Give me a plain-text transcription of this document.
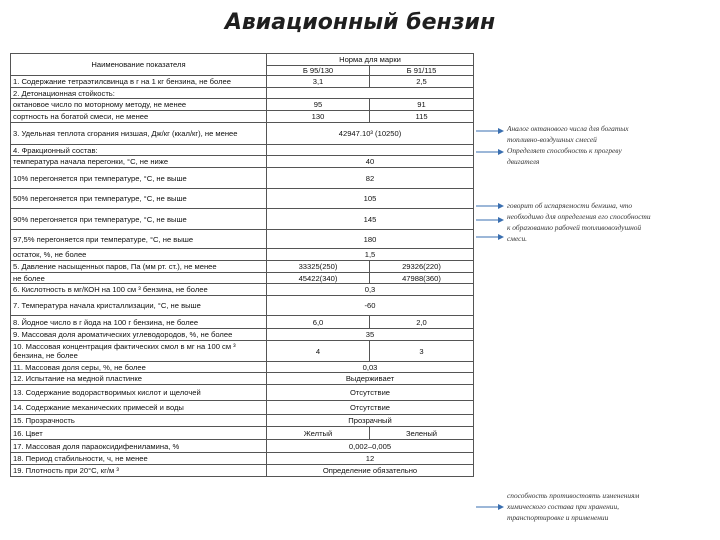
Авиационный бензин
Наименование показателя	Норма для марки	
	Б 95/130	Б 91/115
1. Содержание тетраэтилсвинца в г на 1 кг бензина, не более	3,1	2,5
2. Детонационная стойкость:		
октановое число по моторному методу, не менее	95	91
сортность на богатой смеси, не менее	130	115
3. Удельная теплота сгорания низшая, Дж/кг (ккал/кг), не менее	42947.10³ (10250)	
4. Фракционный состав:		
температура начала перегонки, °С, не ниже	40	
10% перегоняется при температуре, °С, не выше	82	
50% перегоняется при температуре, °С, не выше	105	
90% перегоняется при температуре, °С, не выше	145	
97,5% перегоняется при температуре, °С, не выше	180	
остаток, %, не более	1,5	
5. Давление насыщенных паров, Па (мм рт. ст.), не менее	33325(250)	29326(220)
не более	45422(340)	47988(360)
6. Кислотность в мг/КОН на 100 см ³ бензина, не более	0,3	
7. Температура начала кристаллизации, °С, не выше	-60	
8. Йодное число в г йода на 100 г бензина, не более	6,0	2,0
9. Массовая доля ароматических углеводородов, %, не более	35	
10. Массовая концентрация фактических смол в мг на 100 см ³ бензина, не более	4	3
11. Массовая доля серы, %, не более	0,03	
12. Испытание на медной пластинке	Выдерживает	
13. Содержание водорастворимых кислот и щелочей	Отсутствие	
14. Содержание механических примесей и воды	Отсутствие	
15. Прозрачность	Прозрачный	
16. Цвет	Желтый	Зеленый
17. Массовая доля параоксидифениламина, %	0,002–0,005	
18. Период стабильности, ч, не менее	12	
19. Плотность при 20°С, кг/м ³	Определение обязательно	
Аналог октанового числа для богатых
топливно-воздушных смесей
Определяет способность к прогреву
двигателя
говорит об испаряемости бензина, что
необходимо для определения его способности
к образованию рабочей топливовоздушной
смеси.
способность противостоять изменениям
химического состава при хранении,
транспортировке и применении
